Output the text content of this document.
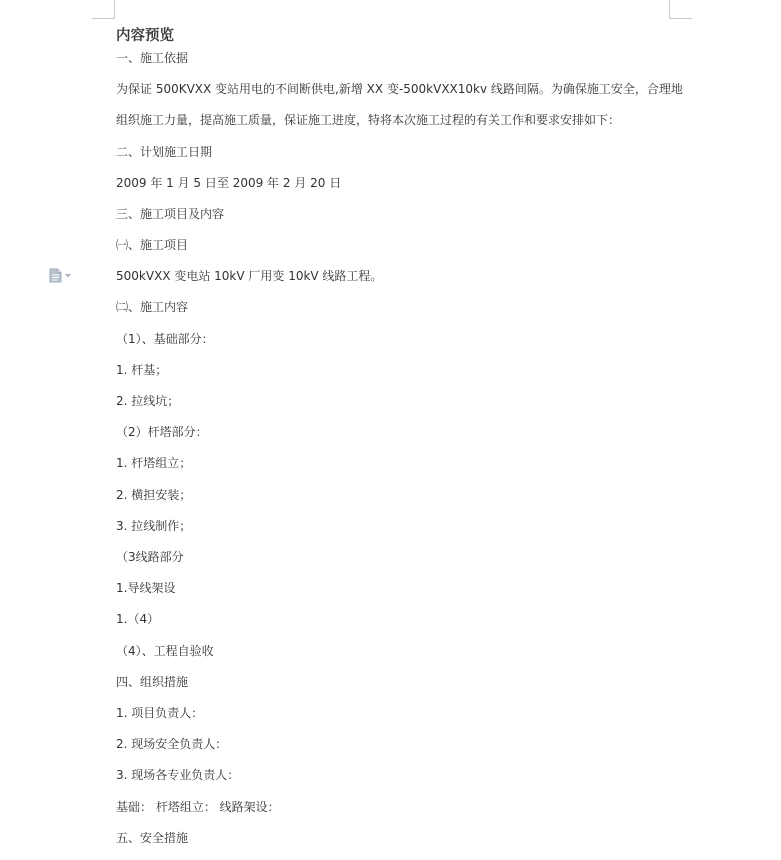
内容预览
一、施工依据
为保证 500KVXX 变站用电的不间断供电,新增 XX 变-500kVXX10kv 线路间隔。为确保施工安全，合理地
组织施工力量，提高施工质量，保证施工进度，特将本次施工过程的有关工作和要求安排如下：
二、计划施工日期
2009 年 1 月 5 日至 2009 年 2 月 20 日
三、施工项目及内容
㈠、施工项目
500kVXX 变电站 10kV 厂用变 10kV 线路工程。
㈡、施工内容
（1）、基础部分：
1. 杆基；
2. 拉线坑；
（2）杆塔部分：
1. 杆塔组立；
2. 横担安装；
3. 拉线制作；
（3线路部分
1.导线架设
1.（4）
（4）、工程自验收
四、组织措施
1. 项目负责人：
2. 现场安全负责人：
3. 现场各专业负责人：
基础： 杆塔组立： 线路架设：
五、安全措施
